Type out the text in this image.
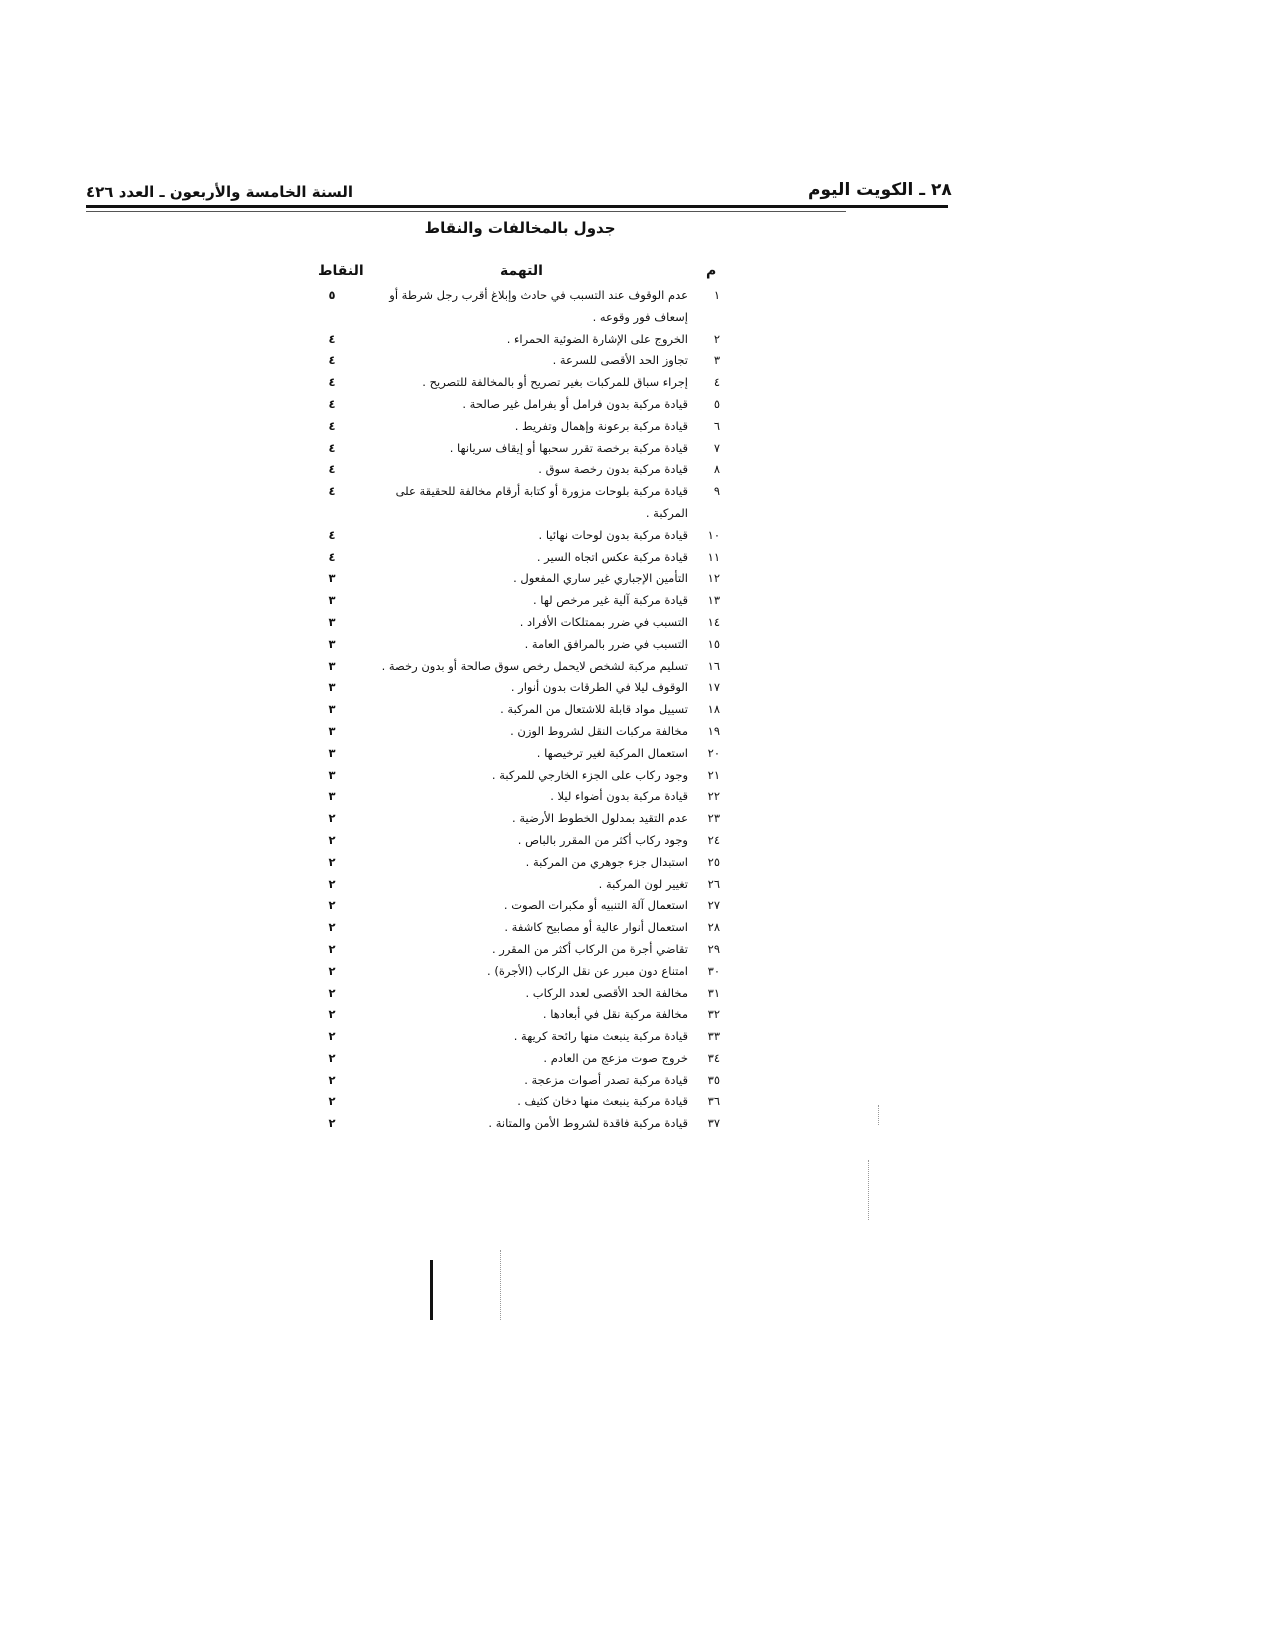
السنة الخامسة والأربعون ـ العدد ٤٢٦	٢٨ ـ الكويت اليوم
جدول بالمخالفات والنقاط
م
التهمة
النقاط
١
عدم الوقوف عند التسبب في حادث وإبلاغ أقرب رجل شرطة أو إسعاف فور وقوعه .
٥
٢
الخروج على الإشارة الضوئية الحمراء .
٤
٣
تجاوز الحد الأقصى للسرعة .
٤
٤
إجراء سباق للمركبات بغير تصريح أو بالمخالفة للتصريح .
٤
٥
قيادة مركبة بدون فرامل أو بفرامل غير صالحة .
٤
٦
قيادة مركبة برعونة وإهمال وتفريط .
٤
٧
قيادة مركبة برخصة تقرر سحبها أو إيقاف سريانها .
٤
٨
قيادة مركبة بدون رخصة سوق .
٤
٩
قيادة مركبة بلوحات مزورة أو كتابة أرقام مخالفة للحقيقة على المركبة .
٤
١٠
قيادة مركبة بدون لوحات نهائيا .
٤
١١
قيادة مركبة عكس اتجاه السير .
٤
١٢
التأمين الإجباري غير ساري المفعول .
٣
١٣
قيادة مركبة آلية غير مرخص لها .
٣
١٤
التسبب في ضرر بممتلكات الأفراد .
٣
١٥
التسبب في ضرر بالمرافق العامة .
٣
١٦
تسليم مركبة لشخص لايحمل رخص سوق صالحة أو بدون رخصة .
٣
١٧
الوقوف ليلا في الطرقات بدون أنوار .
٣
١٨
تسييل مواد قابلة للاشتعال من المركبة .
٣
١٩
مخالفة مركبات النقل لشروط الوزن .
٣
٢٠
استعمال المركبة لغير ترخيصها .
٣
٢١
وجود ركاب على الجزء الخارجي للمركبة .
٣
٢٢
قيادة مركبة بدون أضواء ليلا .
٣
٢٣
عدم التقيد بمدلول الخطوط الأرضية .
٢
٢٤
وجود ركاب أكثر من المقرر بالباص .
٢
٢٥
استبدال جزء جوهري من المركبة .
٢
٢٦
تغيير لون المركبة .
٢
٢٧
استعمال آلة التنبيه أو مكبرات الصوت .
٢
٢٨
استعمال أنوار عالية أو مصابيح كاشفة .
٢
٢٩
تقاضي أجرة من الركاب أكثر من المقرر .
٢
٣٠
امتناع دون مبرر عن نقل الركاب (الأجرة) .
٢
٣١
مخالفة الحد الأقصى لعدد الركاب .
٢
٣٢
مخالفة مركبة نقل في أبعادها .
٢
٣٣
قيادة مركبة ينبعث منها رائحة كريهة .
٢
٣٤
خروج صوت مزعج من العادم .
٢
٣٥
قيادة مركبة تصدر أصوات مزعجة .
٢
٣٦
قيادة مركبة ينبعث منها دخان كثيف .
٢
٣٧
قيادة مركبة فاقدة لشروط الأمن والمتانة .
٢
